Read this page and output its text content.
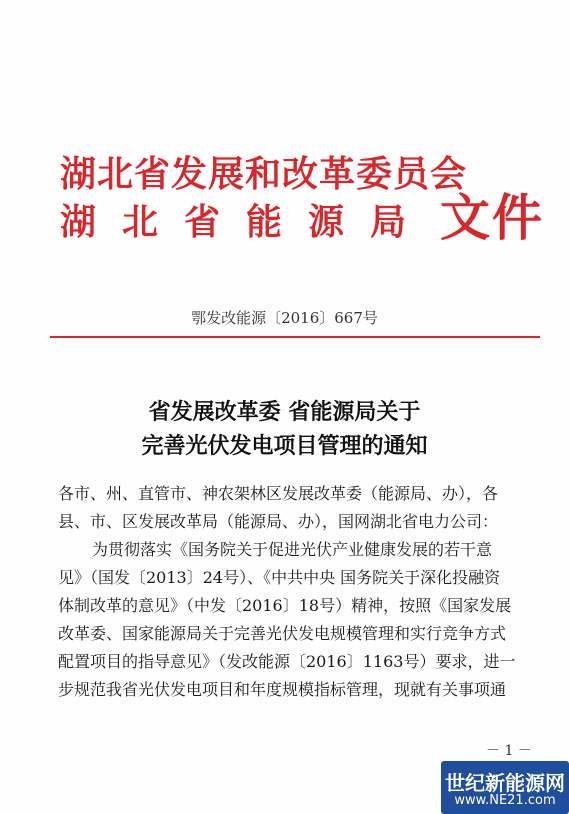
湖北省发展和改革委员会
湖北省能源局 文件
鄂发改能源〔2016〕667号
省发展改革委 省能源局关于
完善光伏发电项目管理的通知
各市、州、直管市、神农架林区发展改革委（能源局、办），各
县、市、区发展改革局（能源局、办），国网湖北省电力公司：
为贯彻落实《国务院关于促进光伏产业健康发展的若干意
见》（国发〔2013〕24号）、《中共中央 国务院关于深化投融资
体制改革的意见》（中发〔2016〕18号）精神，按照《国家发展
改革委、国家能源局关于完善光伏发电规模管理和实行竞争方式
配置项目的指导意见》（发改能源〔2016〕1163号）要求，进一
步规范我省光伏发电项目和年度规模指标管理，现就有关事项通
－ 1 －
世纪新能源网
www.NE21.com
